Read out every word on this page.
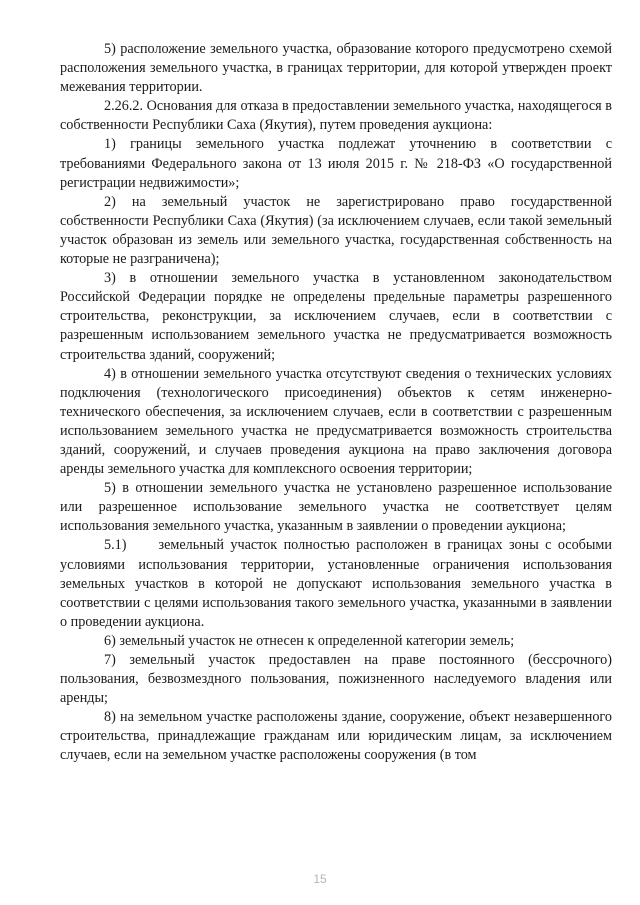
5) расположение земельного участка, образование которого предусмотрено схемой расположения земельного участка, в границах территории, для которой утвержден проект межевания территории.

2.26.2. Основания для отказа в предоставлении земельного участка, находящегося в собственности Республики Саха (Якутия), путем проведения аукциона:

1) границы земельного участка подлежат уточнению в соответствии с требованиями Федерального закона от 13 июля 2015 г. № 218-ФЗ «О государственной регистрации недвижимости»;

2) на земельный участок не зарегистрировано право государственной собственности Республики Саха (Якутия) (за исключением случаев, если такой земельный участок образован из земель или земельного участка, государственная собственность на которые не разграничена);

3) в отношении земельного участка в установленном законодательством Российской Федерации порядке не определены предельные параметры разрешенного строительства, реконструкции, за исключением случаев, если в соответствии с разрешенным использованием земельного участка не предусматривается возможность строительства зданий, сооружений;

4) в отношении земельного участка отсутствуют сведения о технических условиях подключения (технологического присоединения) объектов к сетям инженерно-технического обеспечения, за исключением случаев, если в соответствии с разрешенным использованием земельного участка не предусматривается возможность строительства зданий, сооружений, и случаев проведения аукциона на право заключения договора аренды земельного участка для комплексного освоения территории;

5) в отношении земельного участка не установлено разрешенное использование или разрешенное использование земельного участка не соответствует целям использования земельного участка, указанным в заявлении о проведении аукциона;

5.1)     земельный участок полностью расположен в границах зоны с особыми условиями использования территории, установленные ограничения использования земельных участков в которой не допускают использования земельного участка в соответствии с целями использования такого земельного участка, указанными в заявлении о проведении аукциона.

6) земельный участок не отнесен к определенной категории земель;

7) земельный участок предоставлен на праве постоянного (бессрочного) пользования, безвозмездного пользования, пожизненного наследуемого владения или аренды;

8) на земельном участке расположены здание, сооружение, объект незавершенного строительства, принадлежащие гражданам или юридическим лицам, за исключением случаев, если на земельном участке расположены сооружения (в том

15
